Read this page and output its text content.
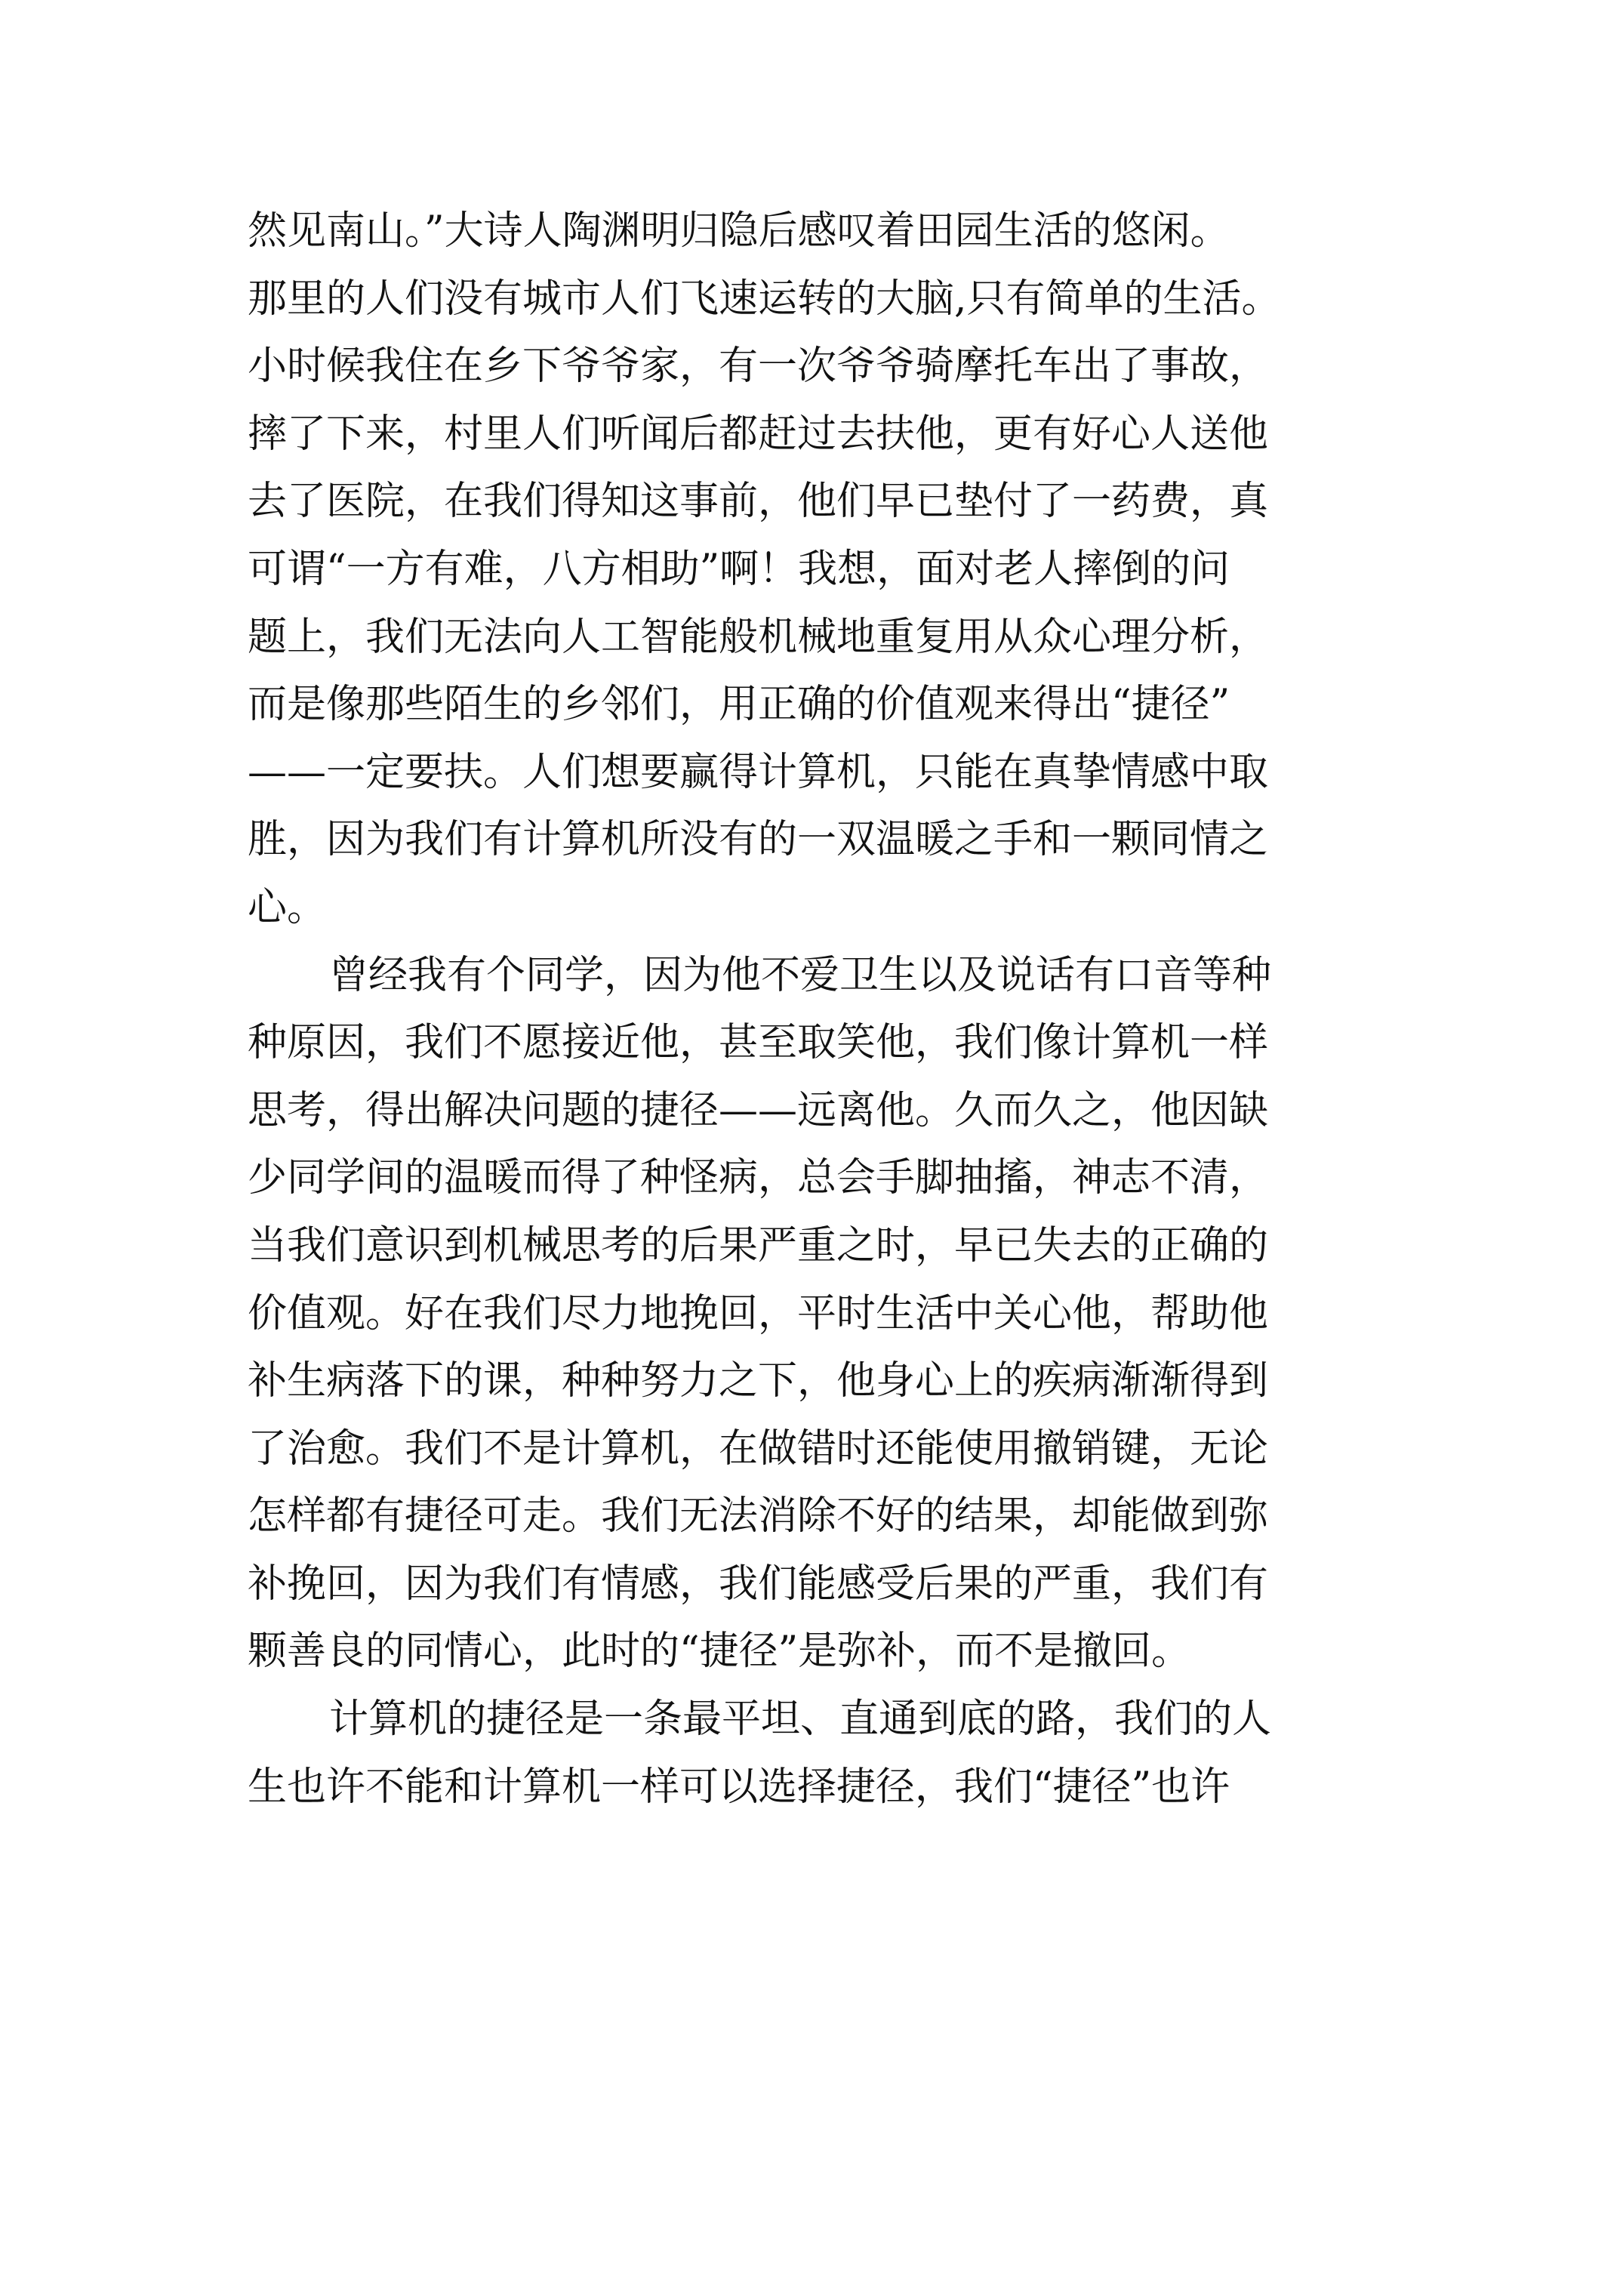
然见南山。”大诗人陶渊明归隐后感叹着田园生活的悠闲。
那里的人们没有城市人们飞速运转的大脑,只有简单的生活。
小时候我住在乡下爷爷家，有一次爷爷骑摩托车出了事故，
摔了下来，村里人们听闻后都赶过去扶他，更有好心人送他
去了医院，在我们得知这事前，他们早已垫付了一药费，真
可谓“一方有难，八方相助”啊！我想，面对老人摔倒的问
题上，我们无法向人工智能般机械地重复用从众心理分析，
而是像那些陌生的乡邻们，用正确的价值观来得出“捷径”
——一定要扶。人们想要赢得计算机，只能在真挚情感中取
胜，因为我们有计算机所没有的一双温暖之手和一颗同情之
心。
曾经我有个同学，因为他不爱卫生以及说话有口音等种
种原因，我们不愿接近他，甚至取笑他，我们像计算机一样
思考，得出解决问题的捷径——远离他。久而久之，他因缺
少同学间的温暖而得了种怪病，总会手脚抽搐，神志不清，
当我们意识到机械思考的后果严重之时，早已失去的正确的
价值观。好在我们尽力地挽回，平时生活中关心他，帮助他
补生病落下的课，种种努力之下，他身心上的疾病渐渐得到
了治愈。我们不是计算机，在做错时还能使用撤销键，无论
怎样都有捷径可走。我们无法消除不好的结果，却能做到弥
补挽回，因为我们有情感，我们能感受后果的严重，我们有
颗善良的同情心，此时的“捷径”是弥补，而不是撤回。
计算机的捷径是一条最平坦、直通到底的路，我们的人
生也许不能和计算机一样可以选择捷径，我们“捷径”也许
